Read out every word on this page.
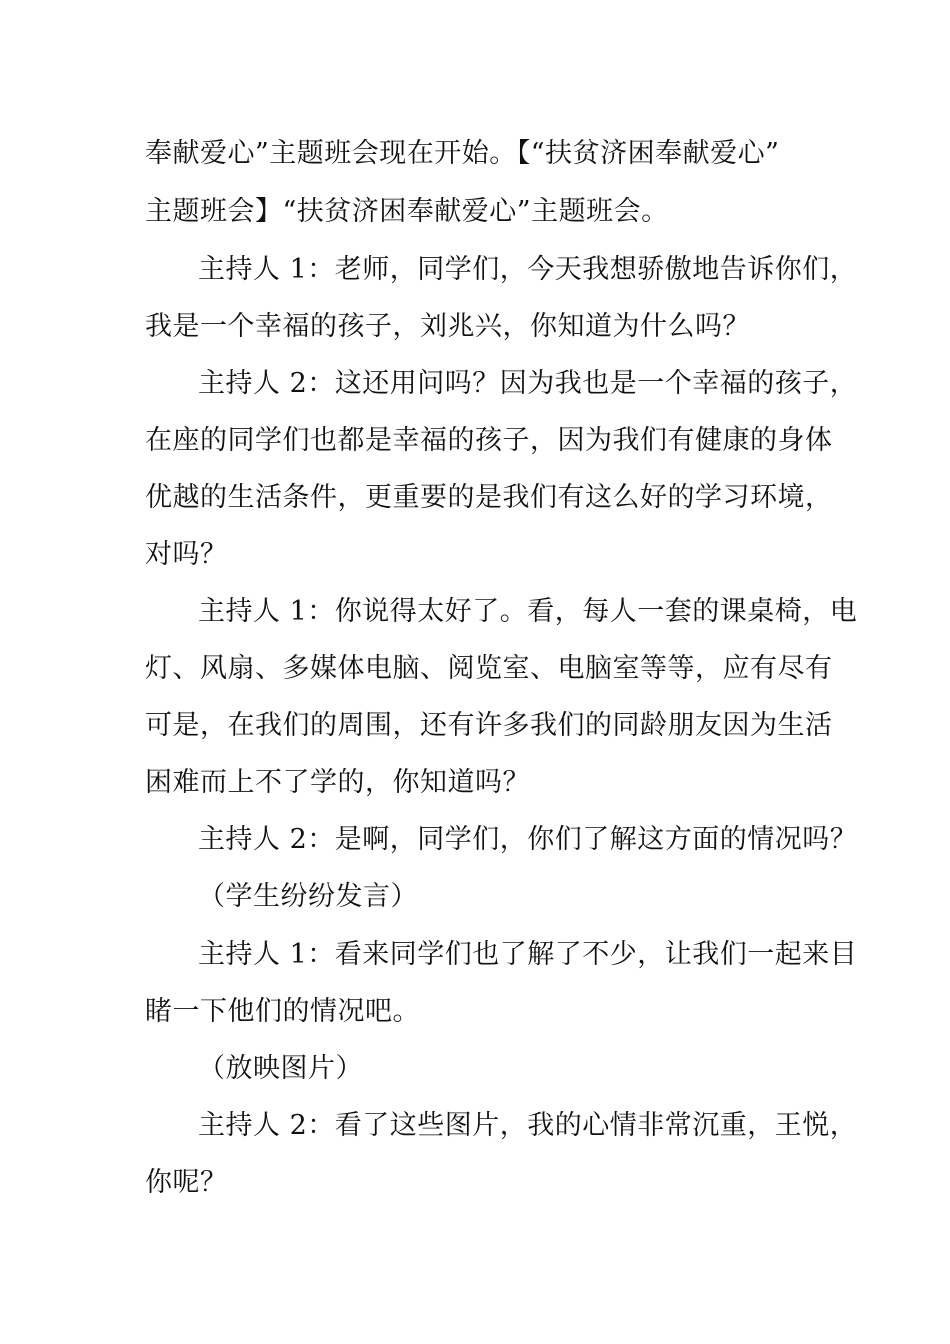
奉献爱心”主题班会现在开始。【“扶贫济困奉献爱心”
主题班会】“扶贫济困奉献爱心”主题班会。
主持人 1：老师，同学们，今天我想骄傲地告诉你们，
我是一个幸福的孩子，刘兆兴，你知道为什么吗？
主持人 2：这还用问吗？因为我也是一个幸福的孩子，
在座的同学们也都是幸福的孩子，因为我们有健康的身体
优越的生活条件，更重要的是我们有这么好的学习环境，
对吗？
主持人 1：你说得太好了。看，每人一套的课桌椅，电
灯、风扇、多媒体电脑、阅览室、电脑室等等，应有尽有
可是，在我们的周围，还有许多我们的同龄朋友因为生活
困难而上不了学的，你知道吗？
主持人 2：是啊，同学们，你们了解这方面的情况吗？
（学生纷纷发言）
主持人 1：看来同学们也了解了不少，让我们一起来目
睹一下他们的情况吧。
（放映图片）
主持人 2：看了这些图片，我的心情非常沉重，王悦，
你呢？
